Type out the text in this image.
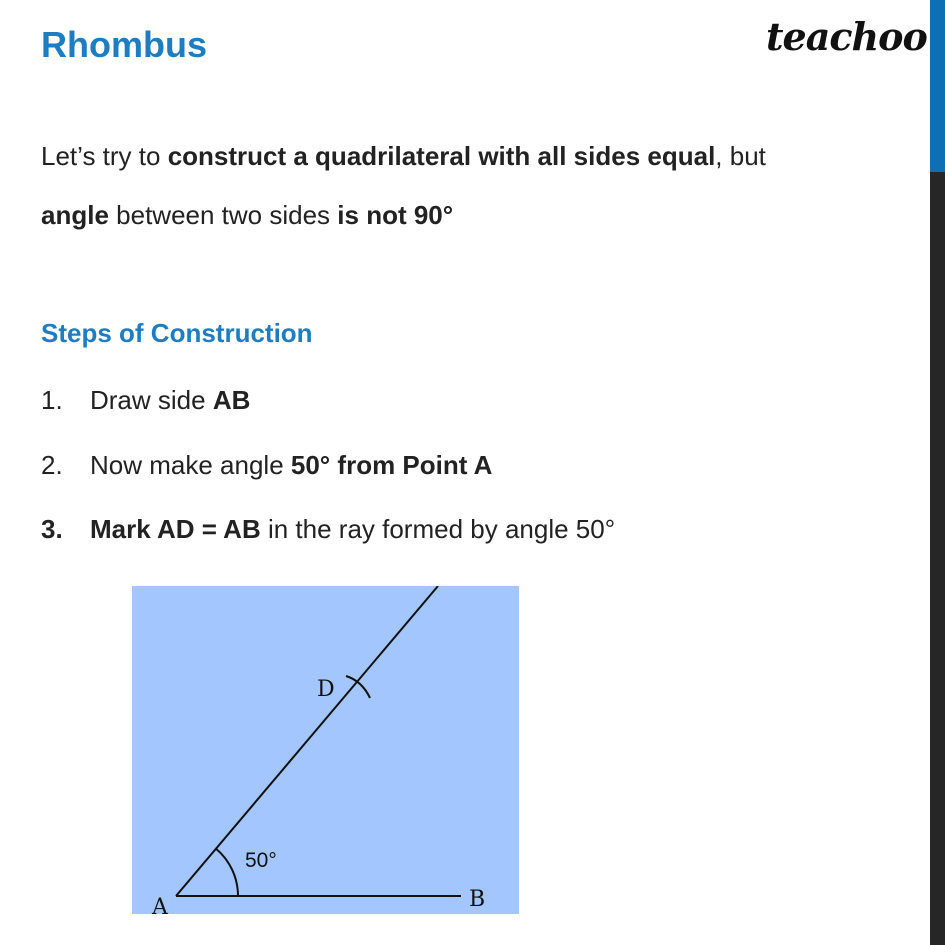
Rhombus	teachoo
Let’s try to construct a quadrilateral with all sides equal, but
angle between two sides is not 90°
Steps of Construction
1. Draw side AB
2. Now make angle 50° from Point A
3. Mark AD = AB in the ray formed by angle 50°
A	B
D
50°
